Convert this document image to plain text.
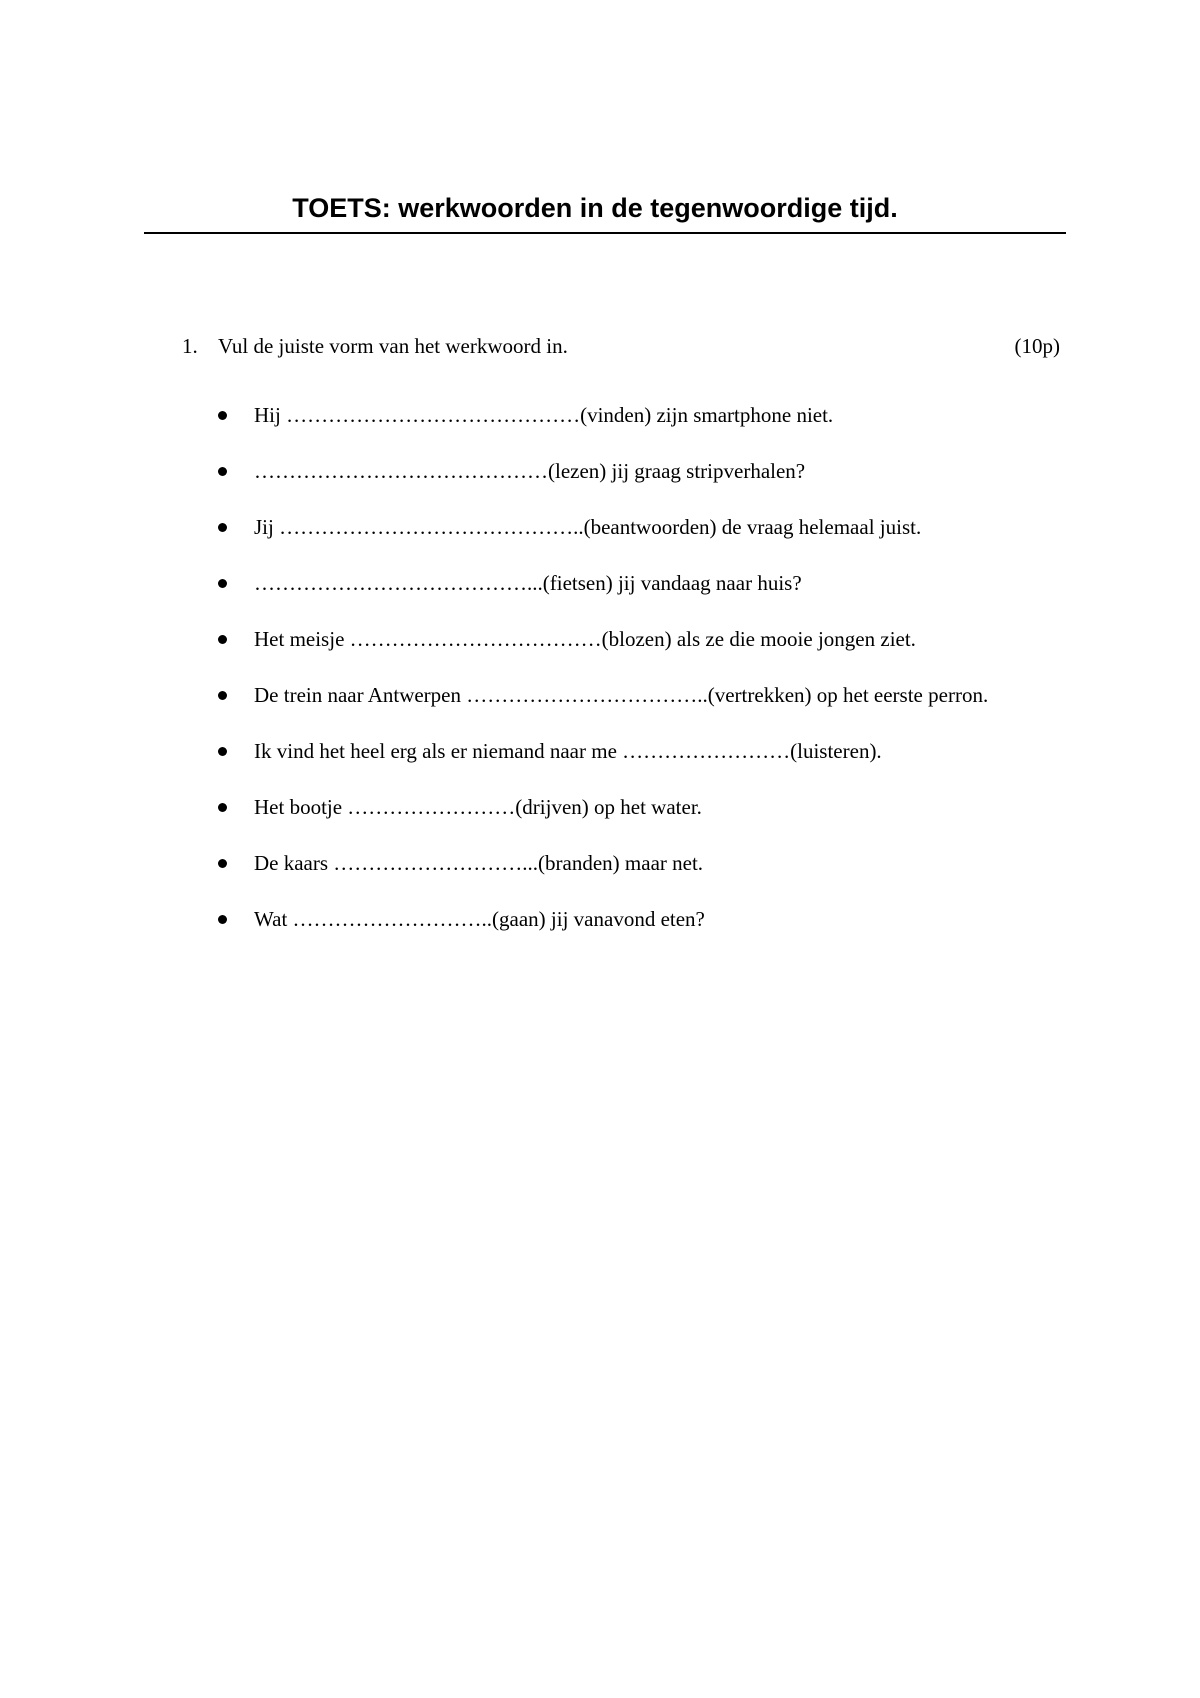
TOETS: werkwoorden in de tegenwoordige tijd.
1. Vul de juiste vorm van het werkwoord in.	(10p)
Hij ……………………………………(vinden) zijn smartphone niet.
……………………………………(lezen) jij graag stripverhalen?
Jij ……………………………………..(beantwoorden) de vraag helemaal juist.
…………………………………...(fietsen) jij vandaag naar huis?
Het meisje ………………………………(blozen) als ze die mooie jongen ziet.
De trein naar Antwerpen ……………………………..(vertrekken) op het eerste perron.
Ik vind het heel erg als er niemand naar me ……………………(luisteren).
Het bootje ……………………(drijven) op het water.
De kaars ………………………...(branden) maar net.
Wat ………………………..(gaan) jij vanavond eten?
